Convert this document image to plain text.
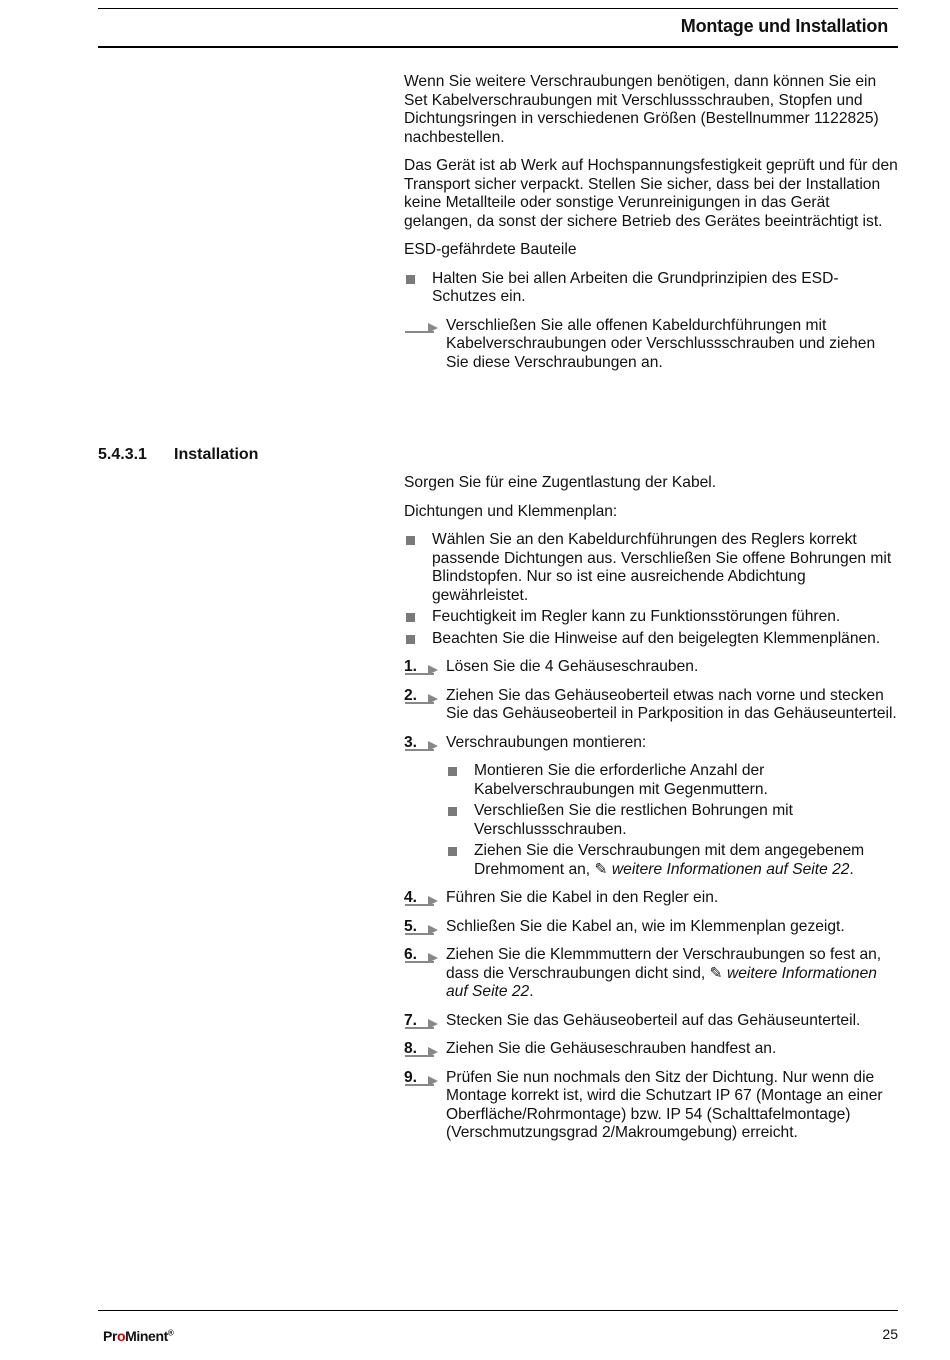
Montage und Installation

Wenn Sie weitere Verschraubungen benötigen, dann können Sie ein Set Kabelverschraubungen mit Verschlussschrauben, Stopfen und Dichtungsringen in verschiedenen Größen (Bestellnummer 1122825) nachbestellen.

Das Gerät ist ab Werk auf Hochspannungsfestigkeit geprüft und für den Transport sicher verpackt. Stellen Sie sicher, dass bei der Installation keine Metallteile oder sonstige Verunreinigungen in das Gerät gelangen, da sonst der sichere Betrieb des Gerätes beeinträchtigt ist.

ESD-gefährdete Bauteile

Halten Sie bei allen Arbeiten die Grundprinzipien des ESD-Schutzes ein.
Verschließen Sie alle offenen Kabeldurchführungen mit Kabelverschraubungen oder Verschlussschrauben und ziehen Sie diese Verschraubungen an.
5.4.3.1 Installation

Sorgen Sie für eine Zugentlastung der Kabel.

Dichtungen und Klemmenplan:

Wählen Sie an den Kabeldurchführungen des Reglers korrekt passende Dichtungen aus. Verschließen Sie offene Bohrungen mit Blindstopfen. Nur so ist eine ausreichende Abdichtung gewährleistet.
Feuchtigkeit im Regler kann zu Funktionsstörungen führen.
Beachten Sie die Hinweise auf den beigelegten Klemmenplänen.
1. Lösen Sie die 4 Gehäuseschrauben.
2. Ziehen Sie das Gehäuseoberteil etwas nach vorne und stecken Sie das Gehäuseoberteil in Parkposition in das Gehäuseunterteil.
3. Verschraubungen montieren:
Montieren Sie die erforderliche Anzahl der Kabelverschraubungen mit Gegenmuttern.
Verschließen Sie die restlichen Bohrungen mit Verschlussschrauben.
Ziehen Sie die Verschraubungen mit dem angegebenem Drehmoment an, ✎ weitere Informationen auf Seite 22.
4. Führen Sie die Kabel in den Regler ein.
5. Schließen Sie die Kabel an, wie im Klemmenplan gezeigt.
6. Ziehen Sie die Klemmmuttern der Verschraubungen so fest an, dass die Verschraubungen dicht sind, ✎ weitere Informationen auf Seite 22.
7. Stecken Sie das Gehäuseoberteil auf das Gehäuseunterteil.
8. Ziehen Sie die Gehäuseschrauben handfest an.
9. Prüfen Sie nun nochmals den Sitz der Dichtung. Nur wenn die Montage korrekt ist, wird die Schutzart IP 67 (Montage an einer Oberfläche/Rohrmontage) bzw. IP 54 (Schalttafelmontage) (Verschmutzungsgrad 2/Makroumgebung) erreicht.
ProMinent®	25
